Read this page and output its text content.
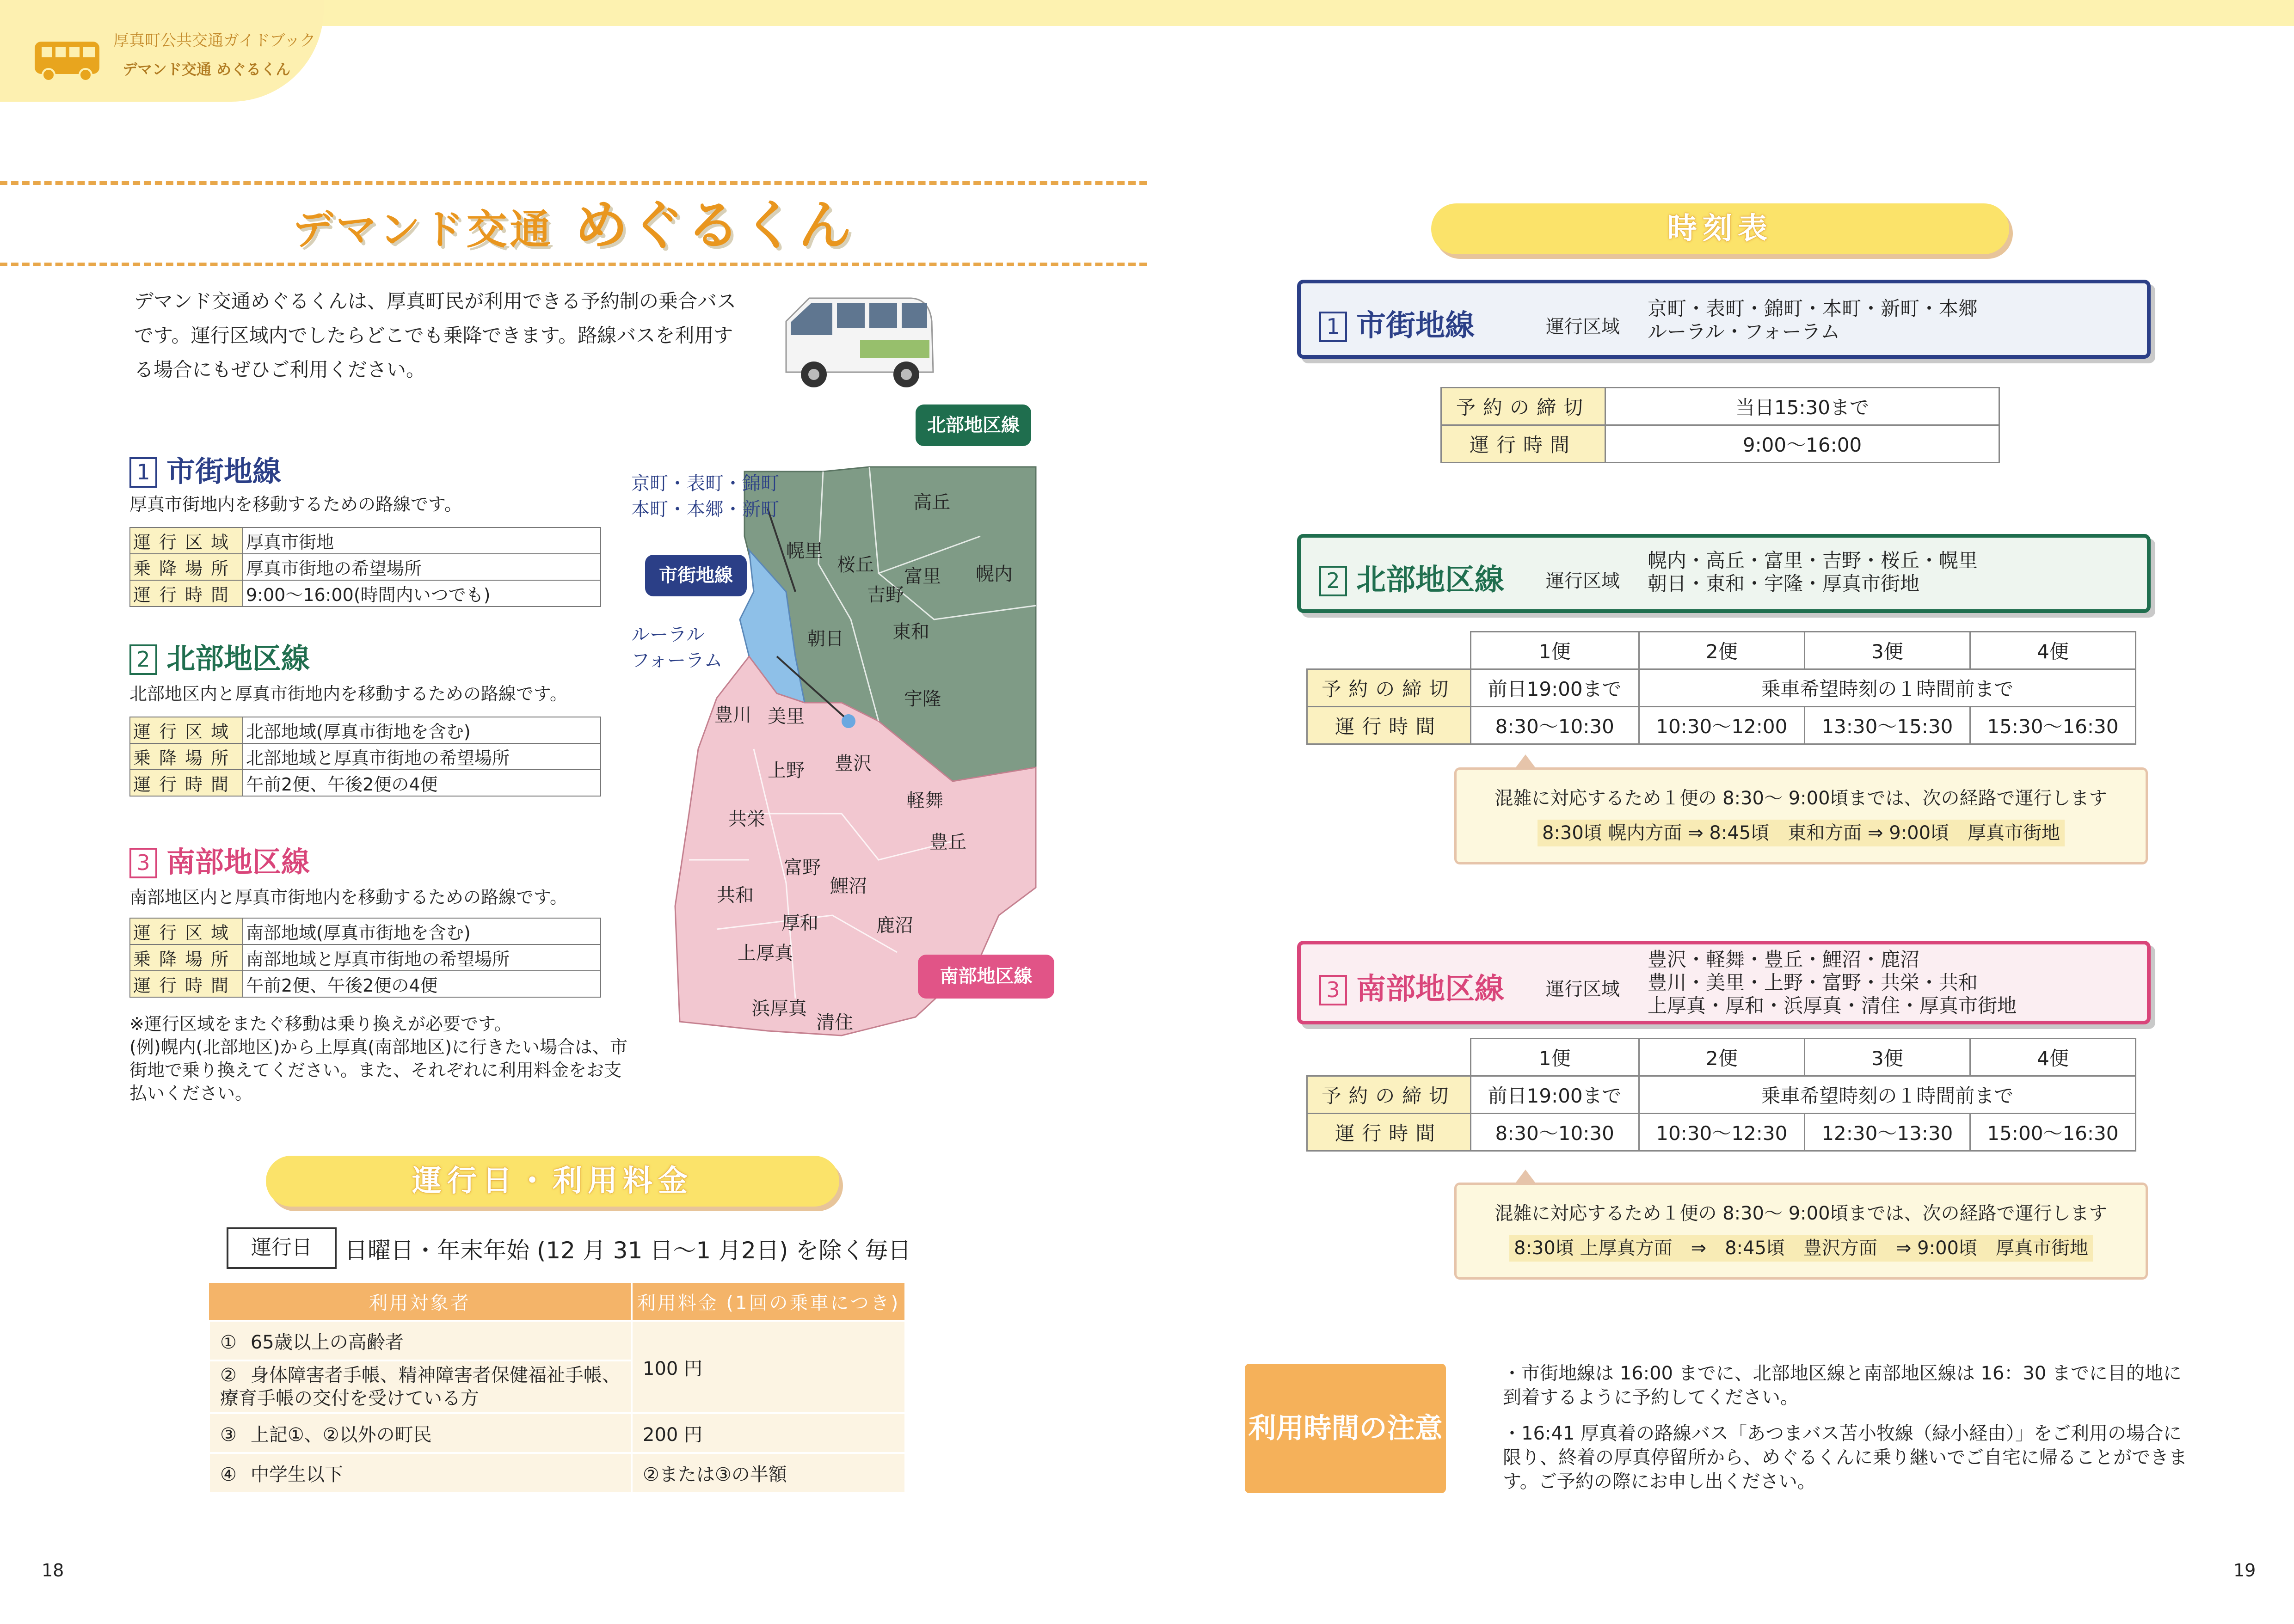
厚真町公共交通ガイドブック
デマンド交通 めぐるくん
デマンド交通 めぐるくん
デマンド交通めぐるくんは、厚真町民が利用できる予約制の乗合バスです。運行区域内でしたらどこでも乗降できます。路線バスを利用する場合にもぜひご利用ください。
1 市街地線
厚真市街地内を移動するための路線です。
運行区域	厚真市街地
乗降場所	厚真市街地の希望場所
運行時間	9:00〜16:00(時間内いつでも)
2 北部地区線
北部地区内と厚真市街地内を移動するための路線です。
運行区域	北部地域(厚真市街地を含む)
乗降場所	北部地域と厚真市街地の希望場所
運行時間	午前2便、午後2便の4便
3 南部地区線
南部地区内と厚真市街地内を移動するための路線です。
運行区域	南部地域(厚真市街地を含む)
乗降場所	南部地域と厚真市街地の希望場所
運行時間	午前2便、午後2便の4便
※運行区域をまたぐ移動は乗り換えが必要です。
(例)幌内(北部地区)から上厚真(南部地区)に行きたい場合は、市街地で乗り換えてください。また、それぞれに利用料金をお支払いください。
京町・表町・錦町
本町・本郷・新町
北部地区線
市街地線
ルーラル
フォーラム
南部地区線
高丘
幌里
桜丘
富里 幌内
吉野
東和
朝日
宇隆
豊川 美里
上野 豊沢
軽舞
共栄
豊丘
富野
鯉沼
共和
厚和	鹿沼
上厚真
浜厚真
清住
運行日・利用料金
運行日	日曜日・年末年始 (12 月 31 日〜1 月2日) を除く毎日
利用対象者	利用料金 (1回の乗車につき)
① 65歳以上の高齢者	100 円
② 身体障害者手帳、精神障害者保健福祉手帳、療育手帳の交付を受けている方	
③ 上記①、②以外の町民	200 円
④ 中学生以下	②または③の半額
18
時刻表
1 市街地線	運行区域
京町・表町・錦町・本町・新町・本郷
ルーラル・フォーラム
予約の締切	当日15:30まで
運行時間	9:00〜16:00
2 北部地区線 運行区域
幌内・高丘・富里・吉野・桜丘・幌里
朝日・東和・宇隆・厚真市街地
	1便	2便	3便	4便
予約の締切	前日19:00まで	乗車希望時刻の１時間前まで		
運行時間	8:30〜10:30	10:30〜12:00	13:30〜15:30	15:30〜16:30
混雑に対応するため１便の 8:30〜 9:00頃までは、次の経路で運行します
8:30頃 幌内方面 ⇒ 8:45頃　東和方面 ⇒ 9:00頃　厚真市街地
3 南部地区線 運行区域
豊沢・軽舞・豊丘・鯉沼・鹿沼
豊川・美里・上野・富野・共栄・共和
上厚真・厚和・浜厚真・清住・厚真市街地
	1便	2便	3便	4便
予約の締切	前日19:00まで	乗車希望時刻の１時間前まで		
運行時間	8:30〜10:30	10:30〜12:30	12:30〜13:30	15:00〜16:30
混雑に対応するため１便の 8:30〜 9:00頃までは、次の経路で運行します
8:30頃 上厚真方面　⇒　8:45頃　豊沢方面　⇒ 9:00頃　厚真市街地
利用時間の注意
・市街地線は 16:00 までに、北部地区線と南部地区線は 16：30 までに目的地に到着するように予約してください。
・16:41 厚真着の路線バス「あつまバス苫小牧線（緑小経由）」をご利用の場合に限り、終着の厚真停留所から、めぐるくんに乗り継いでご自宅に帰ることができます。ご予約の際にお申し出ください。
19
